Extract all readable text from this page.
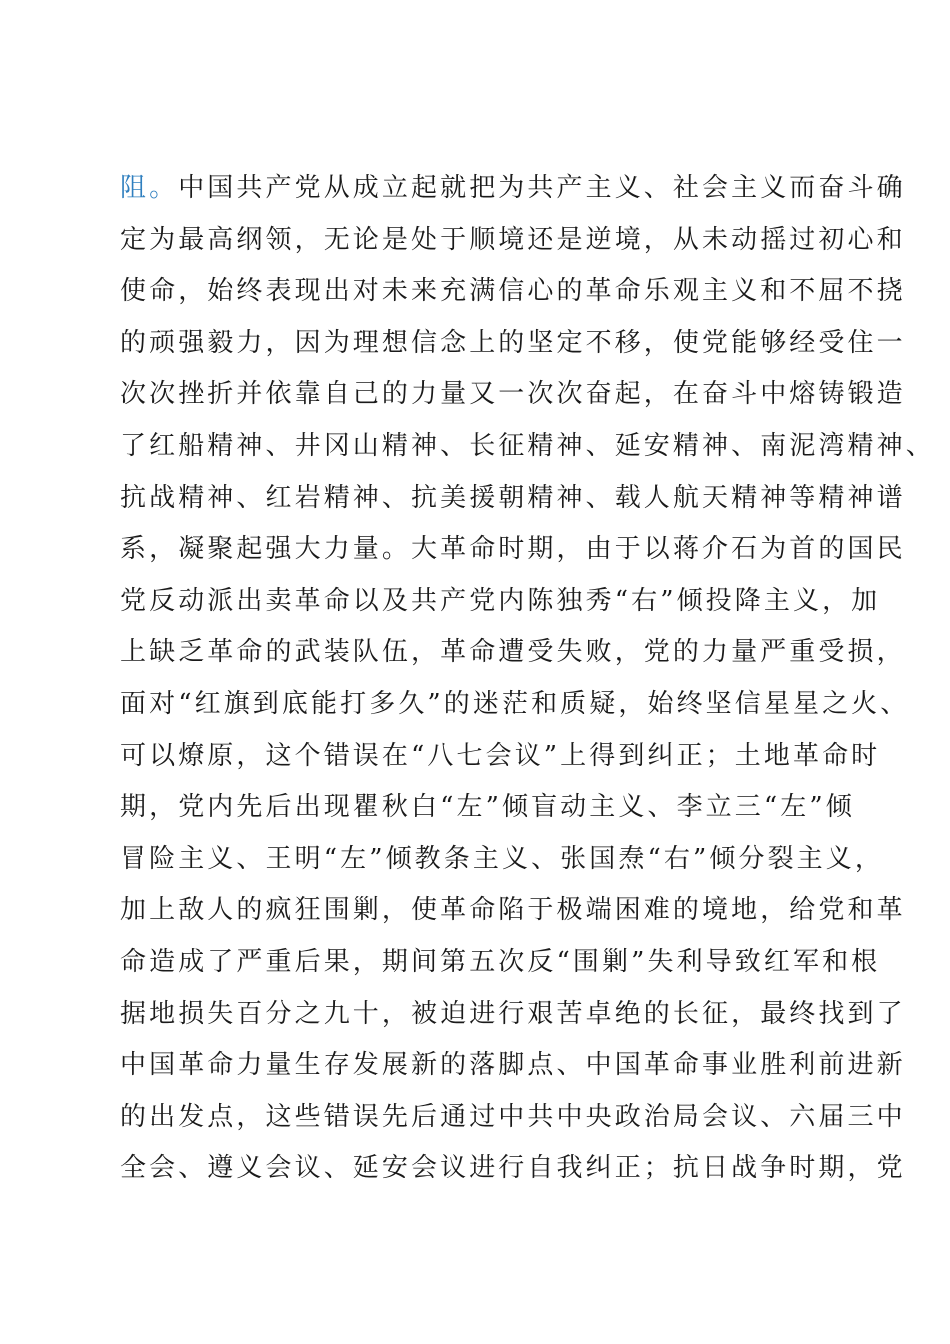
阻。中国共产党从成立起就把为共产主义、社会主义而奋斗确
定为最高纲领，无论是处于顺境还是逆境，从未动摇过初心和
使命，始终表现出对未来充满信心的革命乐观主义和不屈不挠
的顽强毅力，因为理想信念上的坚定不移，使党能够经受住一
次次挫折并依靠自己的力量又一次次奋起，在奋斗中熔铸锻造
了红船精神、井冈山精神、长征精神、延安精神、南泥湾精神、
抗战精神、红岩精神、抗美援朝精神、载人航天精神等精神谱
系，凝聚起强大力量。大革命时期，由于以蒋介石为首的国民
党反动派出卖革命以及共产党内陈独秀“右”倾投降主义，加
上缺乏革命的武装队伍，革命遭受失败，党的力量严重受损，
面对“红旗到底能打多久”的迷茫和质疑，始终坚信星星之火、
可以燎原，这个错误在“八七会议”上得到纠正；土地革命时
期，党内先后出现瞿秋白“左”倾盲动主义、李立三“左”倾
冒险主义、王明“左”倾教条主义、张国焘“右”倾分裂主义，
加上敌人的疯狂围剿，使革命陷于极端困难的境地，给党和革
命造成了严重后果，期间第五次反“围剿”失利导致红军和根
据地损失百分之九十，被迫进行艰苦卓绝的长征，最终找到了
中国革命力量生存发展新的落脚点、中国革命事业胜利前进新
的出发点，这些错误先后通过中共中央政治局会议、六届三中
全会、遵义会议、延安会议进行自我纠正；抗日战争时期，党
